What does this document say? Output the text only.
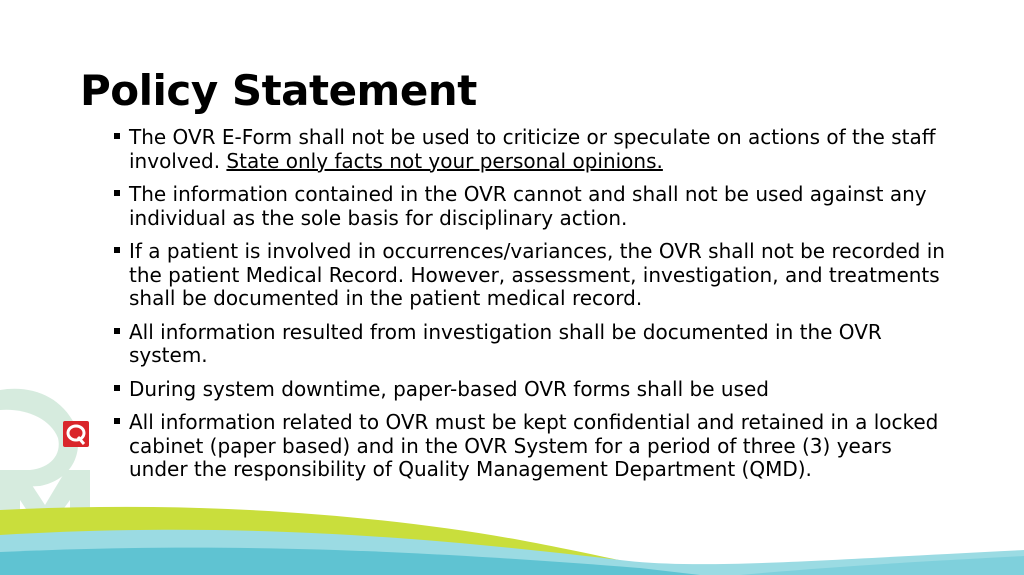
Policy Statement
The OVR E-Form shall not be used to criticize or speculate on actions of the staff involved. State only facts not your personal opinions.
The information contained in the OVR cannot and shall not be used against any individual as the sole basis for disciplinary action.
If a patient is involved in occurrences/variances, the OVR shall not be recorded in the patient Medical Record. However, assessment, investigation, and treatments shall be documented in the patient medical record.
All information resulted from investigation shall be documented in the OVR system.
During system downtime, paper-based OVR forms shall be used
All information related to OVR must be kept confidential and retained in a locked cabinet (paper based) and in the OVR System for a period of three (3) years under the responsibility of Quality Management Department (QMD).
